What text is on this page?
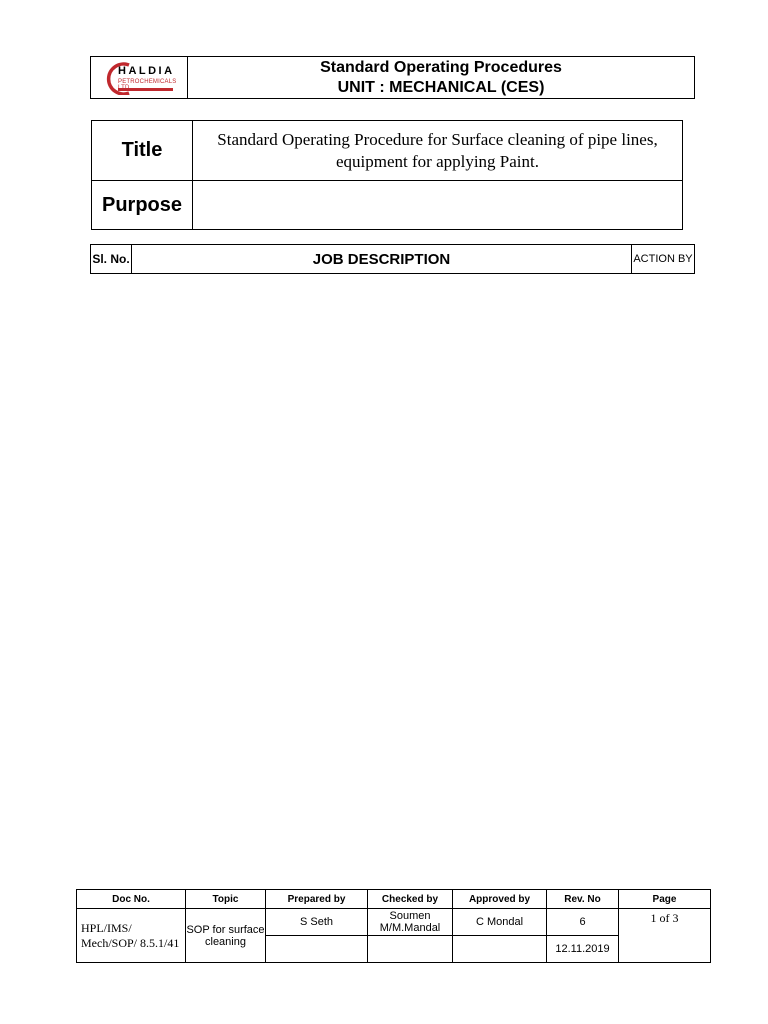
HALDIA
PETROCHEMICALS

Standard Operating Procedures
UNIT : MECHANICAL (CES)
Title	Standard Operating Procedure for Surface cleaning of pipe lines, equipment for applying Paint.
Purpose	
Sl. No.	JOB DESCRIPTION	ACTION BY
Doc No.	Topic	Prepared by	Checked by	Approved by	Rev. No	Page
HPL/IMS/ Mech/SOP/ 8.5.1/41	SOP for surface cleaning	S Seth	Soumen M/M.Mandal	C Mondal	6	1 of 3
					12.11.2019	
